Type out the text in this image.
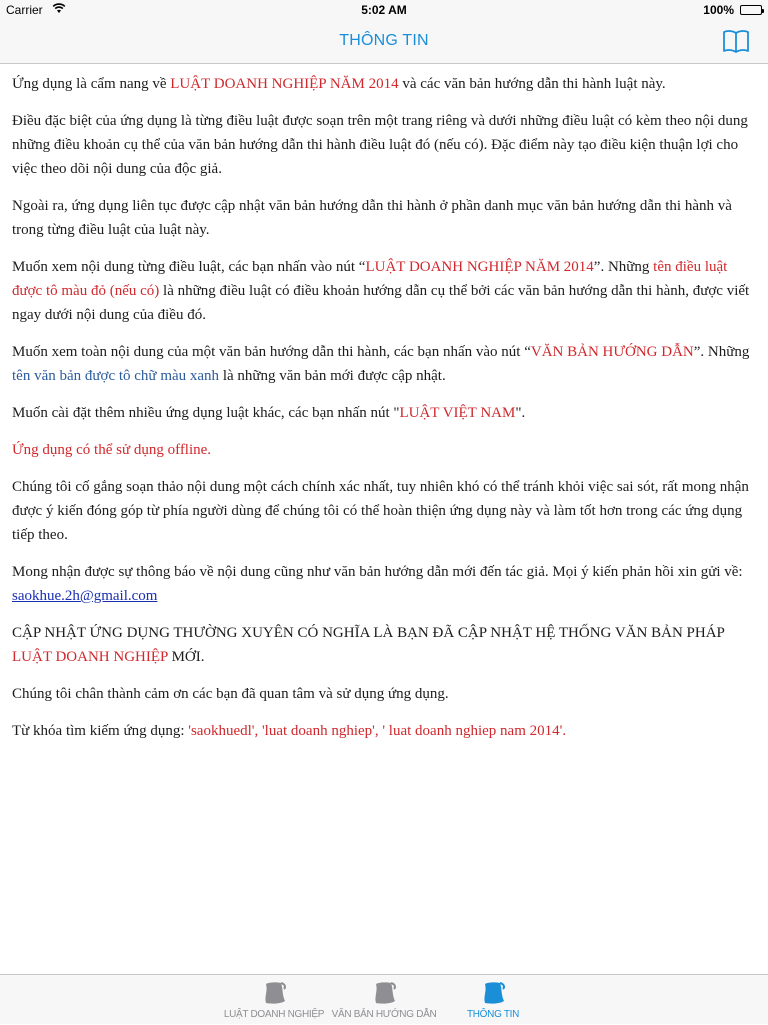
Carrier	5:02 AM	100%
THÔNG TIN

Ứng dụng là cẩm nang về LUẬT DOANH NGHIỆP NĂM 2014 và các văn bản hướng dẫn thi hành luật này.

Điều đặc biệt của ứng dụng là từng điều luật được soạn trên một trang riêng và dưới những điều luật có kèm theo nội dung những điều khoản cụ thể của văn bản hướng dẫn thi hành điều luật đó (nếu có). Đặc điểm này tạo điều kiện thuận lợi cho việc theo dõi nội dung của độc giả.

Ngoài ra, ứng dụng liên tục được cập nhật văn bản hướng dẫn thi hành ở phần danh mục văn bản hướng dẫn thi hành và trong từng điều luật của luật này.

Muốn xem nội dung từng điều luật, các bạn nhấn vào nút “LUẬT DOANH NGHIỆP NĂM 2014”. Những tên điều luật được tô màu đỏ (nếu có) là những điều luật có điều khoản hướng dẫn cụ thể bởi các văn bản hướng dẫn thi hành, được viết ngay dưới nội dung của điều đó.

Muốn xem toàn nội dung của một văn bản hướng dẫn thi hành, các bạn nhấn vào nút “VĂN BẢN HƯỚNG DẪN”. Những tên văn bản được tô chữ màu xanh là những văn bản mới được cập nhật.

Muốn cài đặt thêm nhiều ứng dụng luật khác, các bạn nhấn nút "LUẬT VIỆT NAM".

Ứng dụng có thể sử dụng offline.

Chúng tôi cố gắng soạn thảo nội dung một cách chính xác nhất, tuy nhiên khó có thể tránh khỏi việc sai sót, rất mong nhận được ý kiến đóng góp từ phía người dùng để chúng tôi có thể hoàn thiện ứng dụng này và làm tốt hơn trong các ứng dụng tiếp theo.

Mong nhận được sự thông báo về nội dung cũng như văn bản hướng dẫn mới đến tác giả. Mọi ý kiến phản hồi xin gửi về: saokhue.2h@gmail.com

CẬP NHẬT ỨNG DỤNG THƯỜNG XUYÊN CÓ NGHĨA LÀ BẠN ĐÃ CẬP NHẬT HỆ THỐNG VĂN BẢN PHÁP LUẬT DOANH NGHIỆP MỚI.

Chúng tôi chân thành cảm ơn các bạn đã quan tâm và sử dụng ứng dụng.

Từ khóa tìm kiếm ứng dụng: 'saokhuedl', 'luat doanh nghiep', ' luat doanh nghiep nam 2014'.

LUẬT DOANH NGHIỆP VĂN BẢN HƯỚNG DẪN	THÔNG TIN
